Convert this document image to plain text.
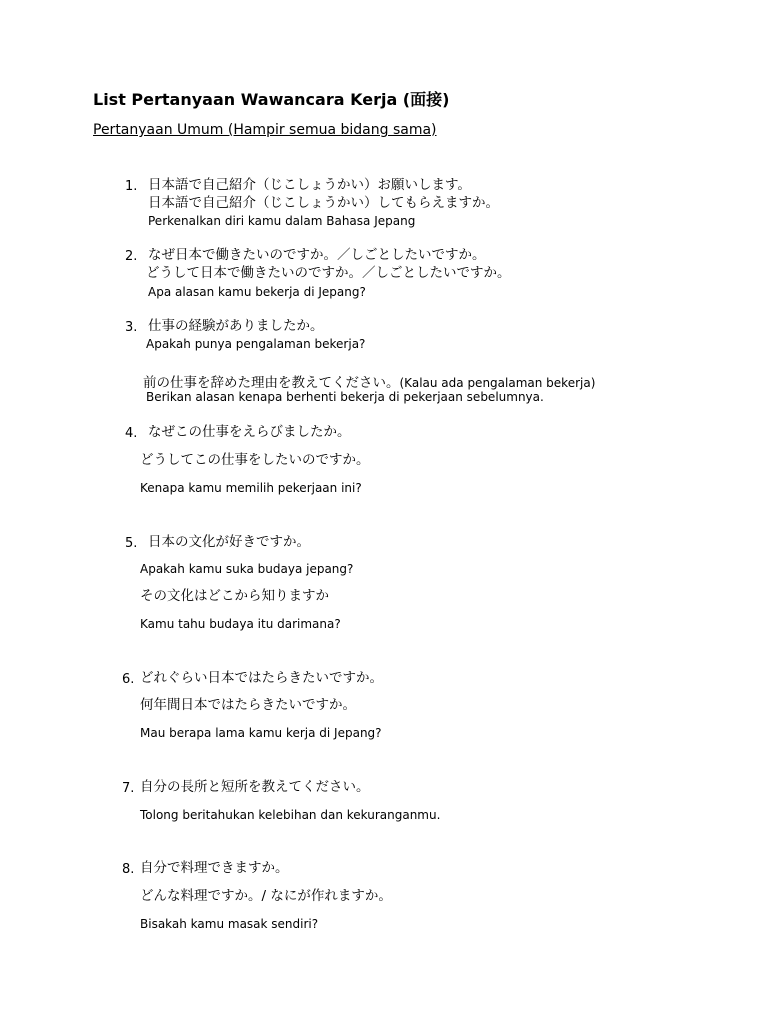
List Pertanyaan Wawancara Kerja (面接)
Pertanyaan Umum (Hampir semua bidang sama)
1. 日本語で自己紹介（じこしょうかい）お願いします。
日本語で自己紹介（じこしょうかい）してもらえますか。
Perkenalkan diri kamu dalam Bahasa Jepang
2. なぜ日本で働きたいのですか。／しごとしたいですか。
どうして日本で働きたいのですか。／しごとしたいですか。
Apa alasan kamu bekerja di Jepang?
3. 仕事の経験がありましたか。
Apakah punya pengalaman bekerja?
前の仕事を辞めた理由を教えてください。(Kalau ada pengalaman bekerja)
Berikan alasan kenapa berhenti bekerja di pekerjaan sebelumnya.
4. なぜこの仕事をえらびましたか。
どうしてこの仕事をしたいのですか。
Kenapa kamu memilih pekerjaan ini?
5. 日本の文化が好きですか。
Apakah kamu suka budaya jepang?
その文化はどこから知りますか
Kamu tahu budaya itu darimana?
6. どれぐらい日本ではたらきたいですか。
何年間日本ではたらきたいですか。
Mau berapa lama kamu kerja di Jepang?
7. 自分の長所と短所を教えてください。
Tolong beritahukan kelebihan dan kekuranganmu.
8. 自分で料理できますか。
どんな料理ですか。/ なにが作れますか。
Bisakah kamu masak sendiri?
